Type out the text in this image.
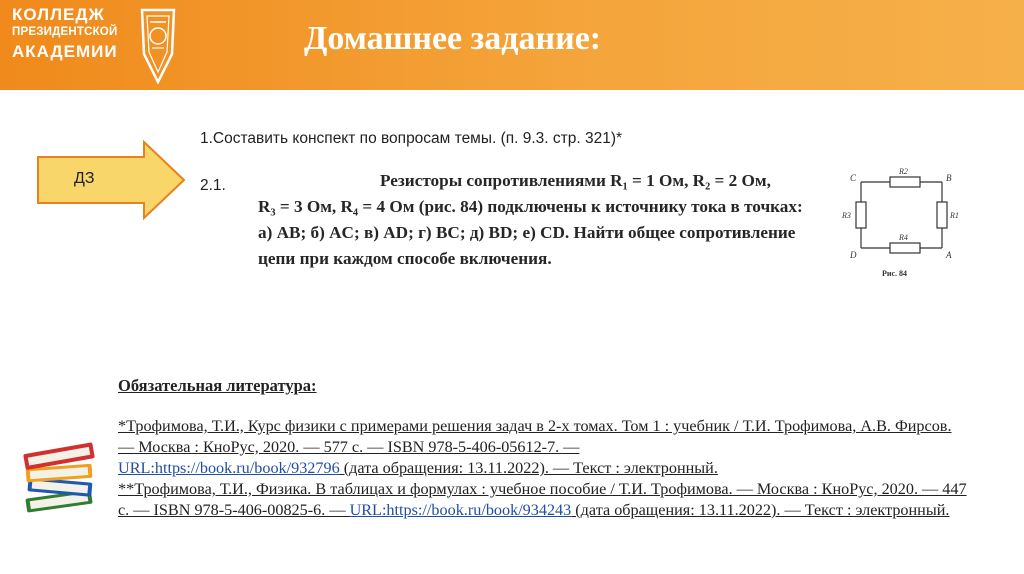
КОЛЛЕДЖ
ПРЕЗИДЕНТСКОЙ
АКАДЕМИИ	Домашнее задание:
ДЗ
1.Составить конспект по вопросам темы. (п. 9.3. стр. 321)*
2.1.	Резисторы сопротивлениями R₁ = 1 Ом, R₂ = 2 Ом,
R₃ = 3 Ом, R₄ = 4 Ом (рис. 84) подключены к источнику тока в точках: а) AB; б) AC; в) AD; г) BC; д) BD; е) CD. Найти общее сопротивление цепи при каждом способе включения.

C	B
D	A
R2
R4
R3	R1
Рис. 84
Обязательная литература:

*Трофимова, Т.И., Курс физики с примерами решения задач в 2-х томах. Том 1 : учебник / Т.И. Трофимова, А.В. Фирсов. — Москва : КноРус, 2020. — 577 с. — ISBN 978-5-406-05612-7. —
URL:https://book.ru/book/932796 (дата обращения: 13.11.2022). — Текст : электронный.
**Трофимова, Т.И., Физика. В таблицах и формулах : учебное пособие / Т.И. Трофимова. — Москва : КноРус, 2020. — 447 с. — ISBN 978-5-406-00825-6. — URL:https://book.ru/book/934243 (дата обращения: 13.11.2022). — Текст : электронный.
